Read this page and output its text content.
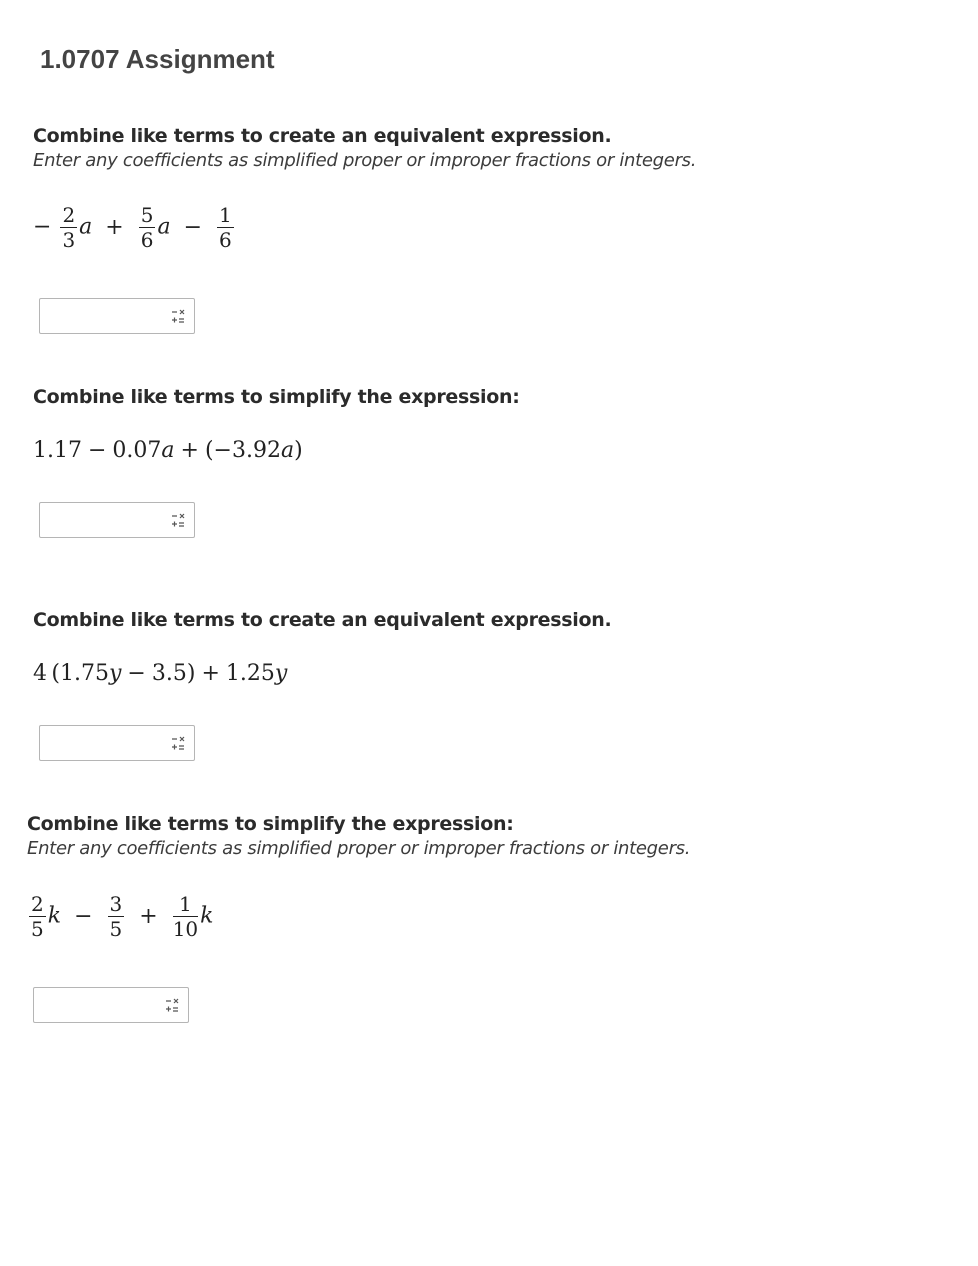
1.0707 Assignment
Combine like terms to create an equivalent expression.
Enter any coefficients as simplified proper or improper fractions or integers.
− $\frac{2}{3}$ $a + \frac{5}{6}$ $a - \frac{1}{6}$
Combine like terms to simplify the expression:
1.17 − 0.07a + (−3.92a)
Combine like terms to create an equivalent expression.
4  (1.75y − 3.5) + 1.25y
Combine like terms to simplify the expression:
Enter any coefficients as simplified proper or improper fractions or integers.
$\frac{2}{5}$ $k - \frac{3}{5} + \frac{1}{10}$ k
